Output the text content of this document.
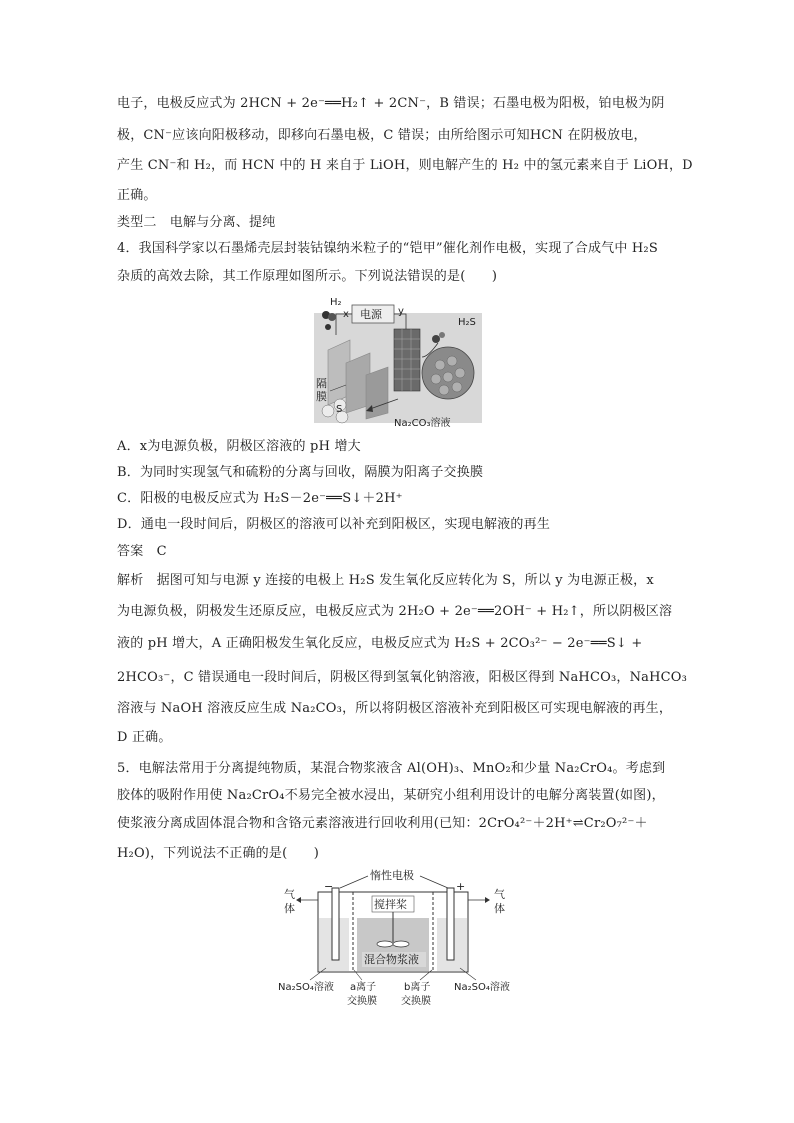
电子，电极反应式为 2HCN + 2e⁻══H₂↑ + 2CN⁻，B 错误；石墨电极为阳极，铂电极为阴
极，CN⁻应该向阳极移动，即移向石墨电极，C 错误；由所给图示可知HCN 在阴极放电，
产生 CN⁻和 H₂，而 HCN 中的 H 来自于 LiOH，则电解产生的 H₂ 中的氢元素来自于 LiOH，D
正确。
类型二　电解与分离、提纯
4．我国科学家以石墨烯壳层封装钴镍纳米粒子的“铠甲”催化剂作电极，实现了合成气中 H₂S
杂质的高效去除，其工作原理如图所示。下列说法错误的是(　　)
电源
x	y
H₂
H₂S
隔
膜
S
Na₂CO₃溶液
A．x为电源负极，阴极区溶液的 pH 增大
B．为同时实现氢气和硫粉的分离与回收，隔膜为阳离子交换膜
C．阳极的电极反应式为 H₂S－2e⁻══S↓＋2H⁺
D．通电一段时间后，阴极区的溶液可以补充到阳极区，实现电解液的再生
答案　C
解析　据图可知与电源 y 连接的电极上 H₂S 发生氧化反应转化为 S，所以 y 为电源正极，x
为电源负极，阴极发生还原反应，电极反应式为 2H₂O + 2e⁻══2OH⁻ + H₂↑，所以阴极区溶
液的 pH 增大，A 正确阳极发生氧化反应，电极反应式为 H₂S + 2CO₃²⁻ − 2e⁻══S↓ +
2HCO₃⁻，C 错误通电一段时间后，阴极区得到氢氧化钠溶液，阳极区得到 NaHCO₃，NaHCO₃
溶液与 NaOH 溶液反应生成 Na₂CO₃，所以将阴极区溶液补充到阳极区可实现电解液的再生，
D 正确。
5．电解法常用于分离提纯物质，某混合物浆液含 Al(OH)₃、MnO₂和少量 Na₂CrO₄。考虑到
胶体的吸附作用使 Na₂CrO₄不易完全被水浸出，某研究小组利用设计的电解分离装置(如图)，
使浆液分离成固体混合物和含铬元素溶液进行回收利用(已知：2CrO₄²⁻＋2H⁺⇌Cr₂O₇²⁻＋
H₂O)，下列说法不正确的是(　　)
惰性电极
−	+
气
体
气
体
搅拌桨
混合物浆液
Na₂SO₄溶液	Na₂SO₄溶液
a离子
交换膜
b离子
交换膜
